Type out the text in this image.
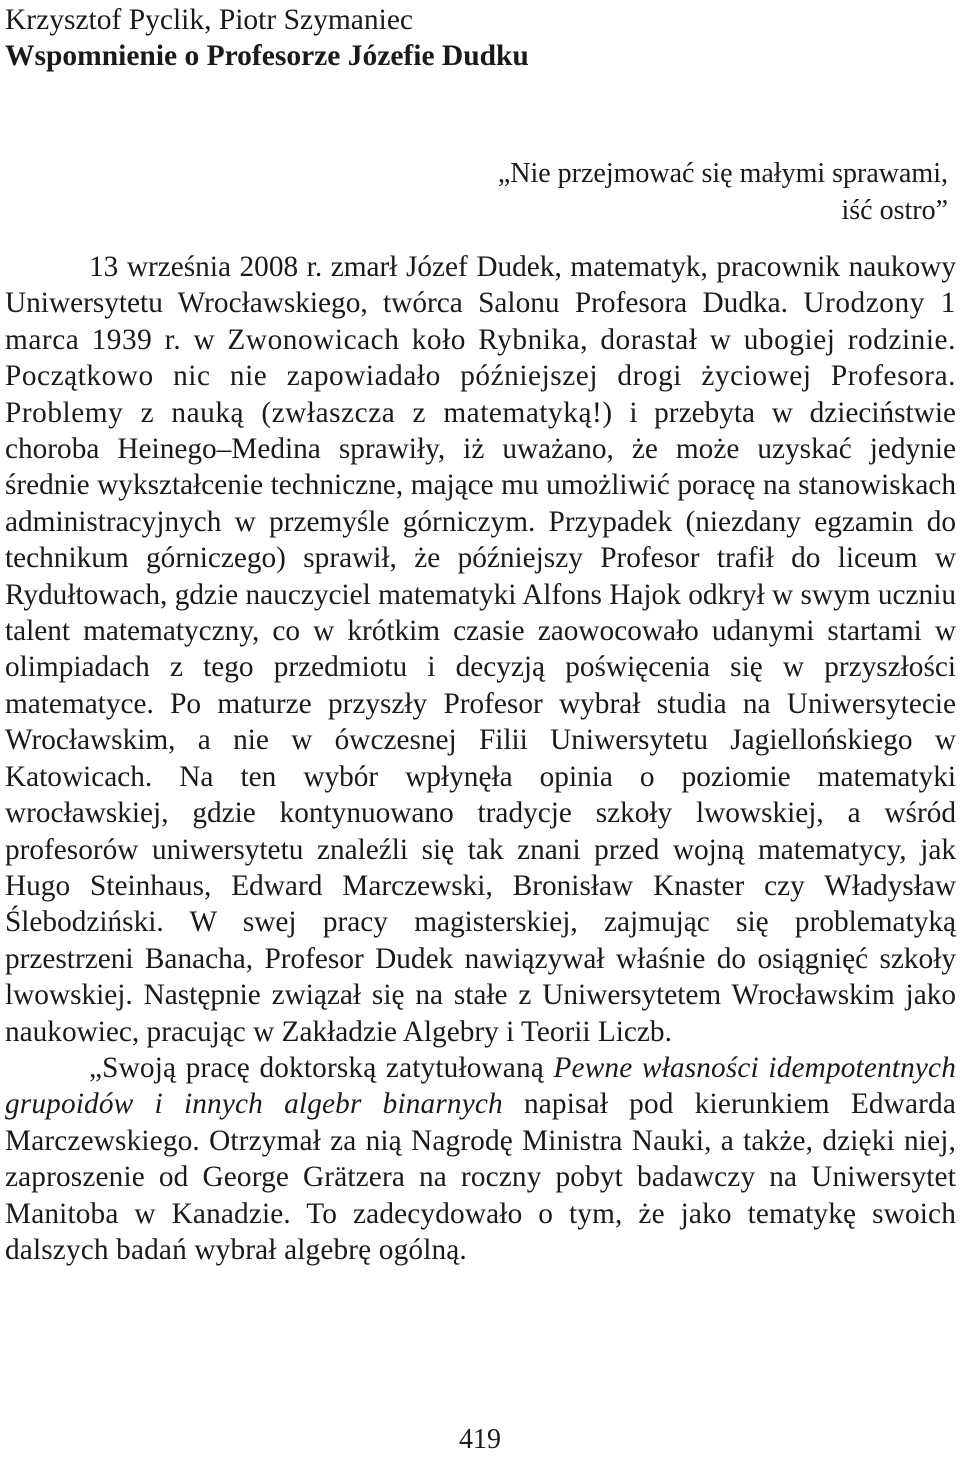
Krzysztof Pyclik, Piotr Szymaniec
Wspomnienie o Profesorze Józefie Dudku
„Nie przejmować się małymi sprawami,
iść ostro”

13 września 2008 r. zmarł Józef Dudek, matematyk, pracownik naukowy Uniwersytetu Wrocławskiego, twórca Salonu Profesora Dudka. Urodzony 1 marca 1939 r. w Zwonowicach koło Rybnika, dorastał w ubogiej rodzinie. Początkowo nic nie zapowiadało późniejszej drogi życiowej Profesora. Problemy z nauką (zwłaszcza z matematyką!) i przebyta w dzieciństwie choroba Heinego–Medina sprawiły, iż uważano, że może uzyskać jedynie średnie wykształcenie techniczne, mające mu umożliwić poracę na stanowiskach administracyjnych w przemyśle górniczym. Przypadek (niezdany egzamin do technikum górniczego) sprawił, że późniejszy Profesor trafił do liceum w Rydułtowach, gdzie nauczyciel matematyki Alfons Hajok odkrył w swym uczniu talent matematyczny, co w krótkim czasie zaowocowało udanymi startami w olimpiadach z tego przedmiotu i decyzją poświęcenia się w przyszłości matematyce. Po maturze przyszły Profesor wybrał studia na Uniwersytecie Wrocławskim, a nie w ówczesnej Filii Uniwersytetu Jagiellońskiego w Katowicach. Na ten wybór wpłynęła opinia o poziomie matematyki wrocławskiej, gdzie kontynuowano tradycje szkoły lwowskiej, a wśród profesorów uniwersytetu znaleźli się tak znani przed wojną matematycy, jak Hugo Steinhaus, Edward Marczewski, Bronisław Knaster czy Władysław Ślebodziński. W swej pracy magisterskiej, zajmując się problematyką przestrzeni Banacha, Profesor Dudek nawiązywał właśnie do osiągnięć szkoły lwowskiej. Następnie związał się na stałe z Uniwersytetem Wrocławskim jako naukowiec, pracując w Zakładzie Algebry i Teorii Liczb.

„Swoją pracę doktorską zatytułowaną Pewne własności idempotentnych grupoidów i innych algebr binarnych napisał pod kierunkiem Edwarda Marczewskiego. Otrzymał za nią Nagrodę Ministra Nauki, a także, dzięki niej, zaproszenie od George Grätzera na roczny pobyt badawczy na Uniwersytet Manitoba w Kanadzie. To zadecydowało o tym, że jako tematykę swoich dalszych badań wybrał algebrę ogólną.

419
